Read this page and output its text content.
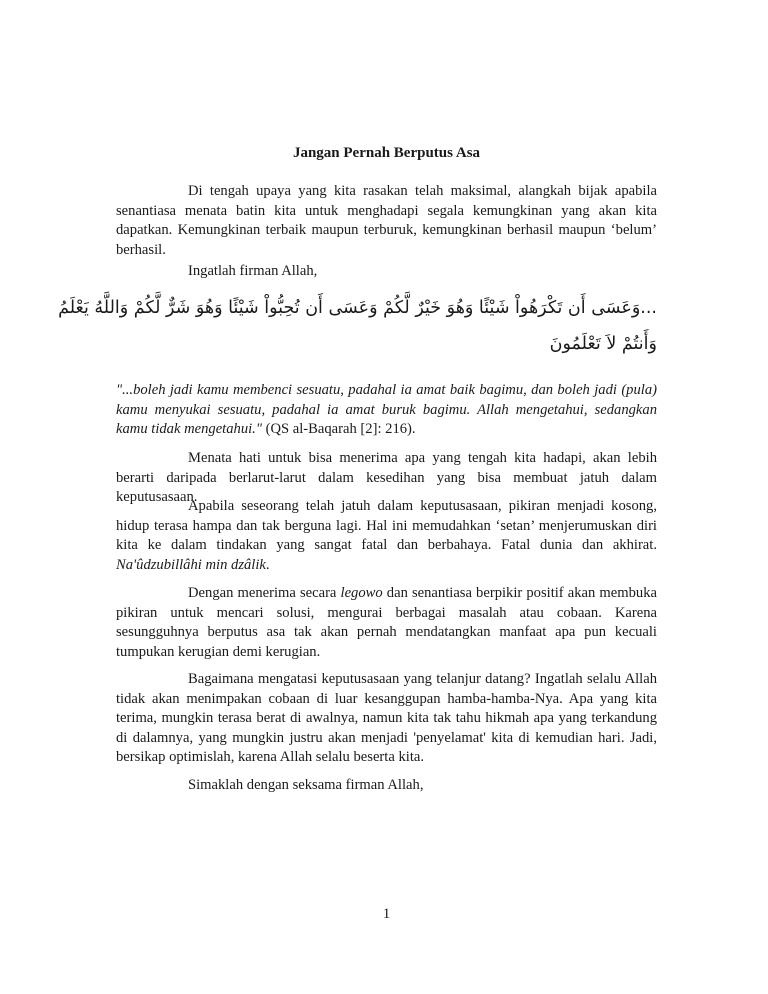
Jangan Pernah Berputus Asa

Di tengah upaya yang kita rasakan telah maksimal, alangkah bijak apabila senantiasa menata batin kita untuk menghadapi segala kemungkinan yang akan kita dapatkan. Kemungkinan terbaik maupun terburuk, kemungkinan berhasil maupun ‘belum’ berhasil.

Ingatlah firman Allah,

...وَعَسَى أَن تَكْرَهُواْ شَيْئًا وَهُوَ خَيْرٌ لَّكُمْ وَعَسَى أَن تُحِبُّواْ شَيْئًا وَهُوَ شَرٌّ لَّكُمْ وَاللَّهُ يَعْلَمُ
وَأَنتُمْ لاَ تَعْلَمُونَ

"...boleh jadi kamu membenci sesuatu, padahal ia amat baik bagimu, dan boleh jadi (pula) kamu menyukai sesuatu, padahal ia amat buruk bagimu. Allah mengetahui, sedangkan kamu tidak mengetahui." (QS al-Baqarah [2]: 216).

Menata hati untuk bisa menerima apa yang tengah kita hadapi, akan lebih berarti daripada berlarut-larut dalam kesedihan yang bisa membuat jatuh dalam keputusasaan.

Apabila seseorang telah jatuh dalam keputusasaan, pikiran menjadi kosong, hidup terasa hampa dan tak berguna lagi. Hal ini memudahkan ‘setan’ menjerumuskan diri kita ke dalam tindakan yang sangat fatal dan berbahaya. Fatal dunia dan akhirat. Na'ûdzubillâhi min dzâlik.

Dengan menerima secara legowo dan senantiasa berpikir positif akan membuka pikiran untuk mencari solusi, mengurai berbagai masalah atau cobaan. Karena sesungguhnya berputus asa tak akan pernah mendatangkan manfaat apa pun kecuali tumpukan kerugian demi kerugian.

Bagaimana mengatasi keputusasaan yang telanjur datang? Ingatlah selalu Allah tidak akan menimpakan cobaan di luar kesanggupan hamba-hamba-Nya. Apa yang kita terima, mungkin terasa berat di awalnya, namun kita tak tahu hikmah apa yang terkandung di dalamnya, yang mungkin justru akan menjadi 'penyelamat' kita di kemudian hari. Jadi, bersikap optimislah, karena Allah selalu beserta kita.

Simaklah dengan seksama firman Allah,

1
